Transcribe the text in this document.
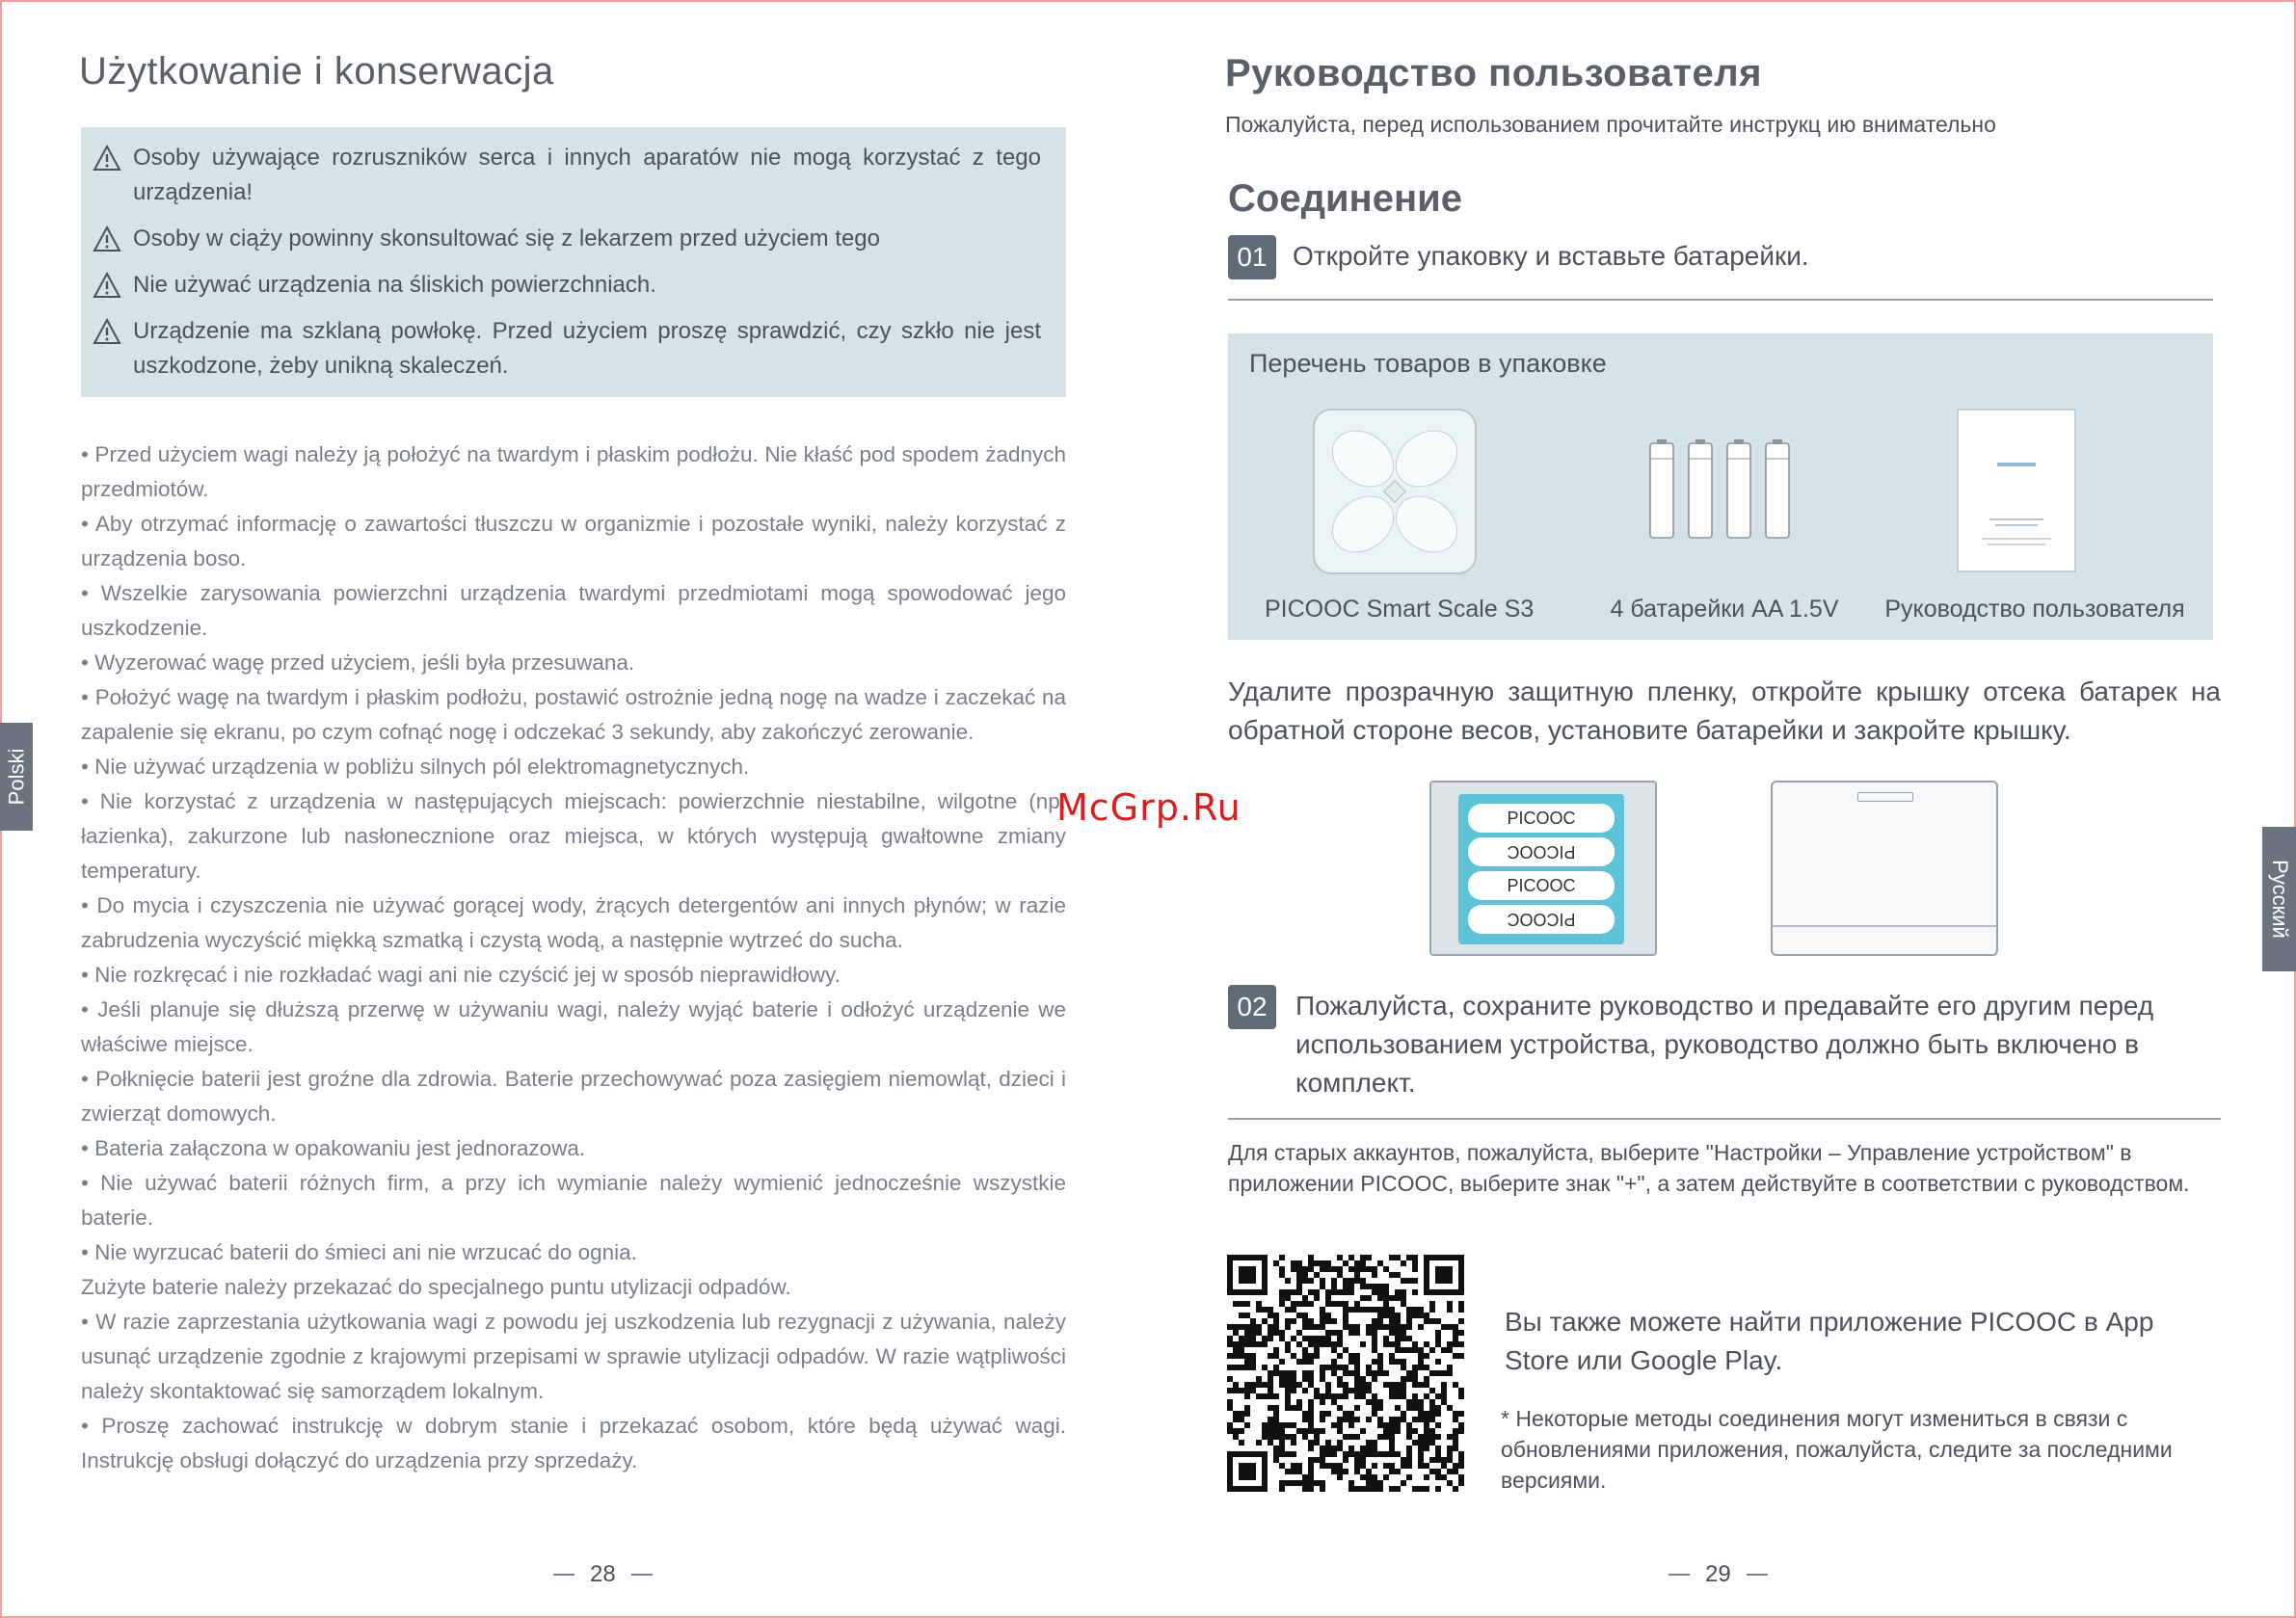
Użytkowanie i konserwacja
Osoby używające rozruszników serca i innych aparatów nie mogą korzystać z tego urządzenia!
Osoby w ciąży powinny skonsultować się z lekarzem przed użyciem tego
Nie używać urządzenia na śliskich powierzchniach.
Urządzenie ma szklaną powłokę. Przed użyciem proszę sprawdzić, czy szkło nie jest uszkodzone, żeby unikną skaleczeń.

• Przed użyciem wagi należy ją położyć na twardym i płaskim podłożu. Nie kłaść pod spodem żadnych przedmiotów.

• Aby otrzymać informację o zawartości tłuszczu w organizmie i pozostałe wyniki, należy korzystać z urządzenia boso.

• Wszelkie zarysowania powierzchni urządzenia twardymi przedmiotami mogą spowodować jego uszkodzenie.

• Wyzerować wagę przed użyciem, jeśli była przesuwana.

• Położyć wagę na twardym i płaskim podłożu, postawić ostrożnie jedną nogę na wadze i zaczekać na zapalenie się ekranu, po czym cofnąć nogę i odczekać 3 sekundy, aby zakończyć zerowanie.

• Nie używać urządzenia w pobliżu silnych pól elektromagnetycznych.

• Nie korzystać z urządzenia w następujących miejscach: powierzchnie niestabilne, wilgotne (np. łazienka), zakurzone lub nasłonecznione oraz miejsca, w których występują gwałtowne zmiany temperatury.

• Do mycia i czyszczenia nie używać gorącej wody, żrących detergentów ani innych płynów; w razie zabrudzenia wyczyścić miękką szmatką i czystą wodą, a następnie wytrzeć do sucha.

• Nie rozkręcać i nie rozkładać wagi ani nie czyścić jej w sposób nieprawidłowy.

• Jeśli planuje się dłuższą przerwę w używaniu wagi, należy wyjąć baterie i odłożyć urządzenie we właściwe miejsce.

• Połknięcie baterii jest groźne dla zdrowia. Baterie przechowywać poza zasięgiem niemowląt, dzieci i zwierząt domowych.

• Bateria załączona w opakowaniu jest jednorazowa.

• Nie używać baterii różnych firm, a przy ich wymianie należy wymienić jednocześnie wszystkie baterie.

• Nie wyrzucać baterii do śmieci ani nie wrzucać do ognia.

Zużyte baterie należy przekazać do specjalnego puntu utylizacji odpadów.

• W razie zaprzestania użytkowania wagi z powodu jej uszkodzenia lub rezygnacji z używania, należy usunąć urządzenie zgodnie z krajowymi przepisami w sprawie utylizacji odpadów. W razie wątpliwości należy skontaktować się samorządem lokalnym.

• Proszę zachować instrukcję w dobrym stanie i przekazać osobom, które będą używać wagi. Instrukcję obsługi dołączyć do urządzenia przy sprzedaży.

Polski
28
Руководство пользователя
Пожалуйста, перед использованием прочитайте инструкц ию внимательно
Соединение
01 Откройте упаковку и вставьте батарейки.
Перечень товаров в упаковке
PICOOC Smart Scale S3	4 батарейки AA 1.5V	Руководство пользователя
Удалите прозрачную защитную пленку, откройте крышку отсека батарек на обратной стороне весов, установите батарейки и закройте крышку.
PICOOC
PICOOC
PICOOC
PICOOC
02	Пожалуйста, сохраните руководство и предавайте его другим перед использованием устройства, руководство должно быть включено в комплект.
Для старых аккаунтов, пожалуйста, выберите "Настройки – Управление устройством" в приложении PICOOC, выберите знак "+", а затем действуйте в соответствии с руководством.
Вы также можете найти приложение PICOOC в App Store или Google Play.
* Некоторые методы соединения могут измениться в связи с обновлениями приложения, пожалуйста, следите за последними версиями.
Русский
29
McGrp.Ru
